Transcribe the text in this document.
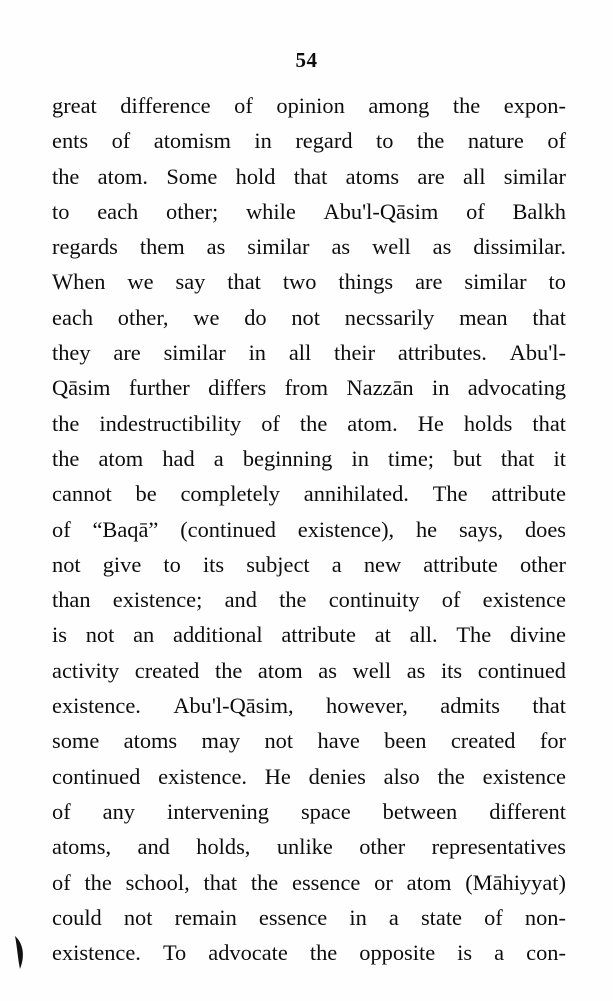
54
great difference of opinion among the expon-
ents of atomism in regard to the nature of
the atom. Some hold that atoms are all similar
to each other; while Abu'l-Qāsim of Balkh
regards them as similar as well as dissimilar.
When we say that two things are similar to
each other, we do not necssarily mean that
they are similar in all their attributes. Abu'l-
Qāsim further differs from Nazzān in advocating
the indestructibility of the atom. He holds that
the atom had a beginning in time; but that it
cannot be completely annihilated. The attribute
of “Baqā” (continued existence), he says, does
not give to its subject a new attribute other
than existence; and the continuity of existence
is not an additional attribute at all. The divine
activity created the atom as well as its continued
existence. Abu'l-Qāsim, however, admits that
some atoms may not have been created for
continued existence. He denies also the existence
of any intervening space between different
atoms, and holds, unlike other representatives
of the school, that the essence or atom (Māhiyyat)
could not remain essence in a state of non-
existence. To advocate the opposite is a con-
